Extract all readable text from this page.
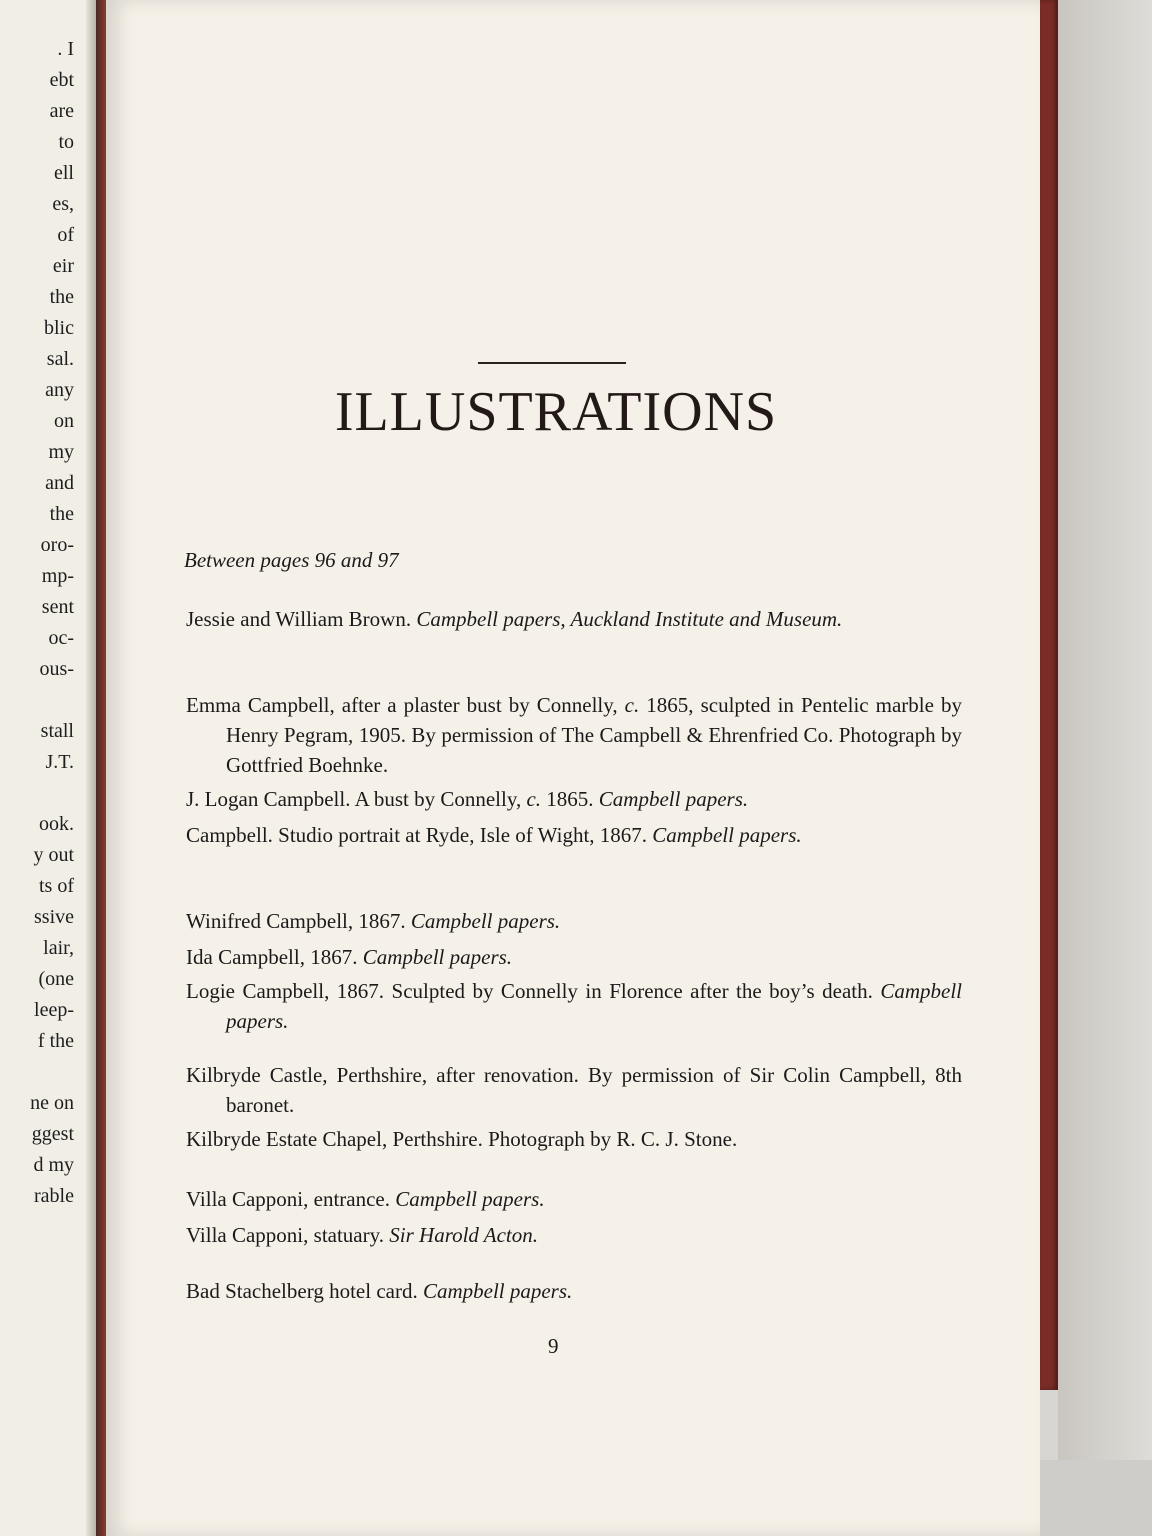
. I
ebt
are
to
ell
es,
of
eir
the
blic
sal.
any
on
my
and
the
oro-
mp-
sent
oc-
ous-
stall
J.T.
ook.
y out
ts of
ssive
lair,
(one
leep-
f the
ne on
ggest
d my
rable
ILLUSTRATIONS

Between pages 96 and 97

Jessie and William Brown. Campbell papers, Auckland Institute and Museum.

Emma Campbell, after a plaster bust by Connelly, c. 1865, sculpted in Pentelic marble by Henry Pegram, 1905. By permission of The Campbell & Ehrenfried Co. Photograph by Gottfried Boehnke.

J. Logan Campbell. A bust by Connelly, c. 1865. Campbell papers.

Campbell. Studio portrait at Ryde, Isle of Wight, 1867. Campbell papers.

Winifred Campbell, 1867. Campbell papers.

Ida Campbell, 1867. Campbell papers.

Logie Campbell, 1867. Sculpted by Connelly in Florence after the boy’s death. Campbell papers.

Kilbryde Castle, Perthshire, after renovation. By permission of Sir Colin Campbell, 8th baronet.

Kilbryde Estate Chapel, Perthshire. Photograph by R. C. J. Stone.

Villa Capponi, entrance. Campbell papers.

Villa Capponi, statuary. Sir Harold Acton.

Bad Stachelberg hotel card. Campbell papers.

9
